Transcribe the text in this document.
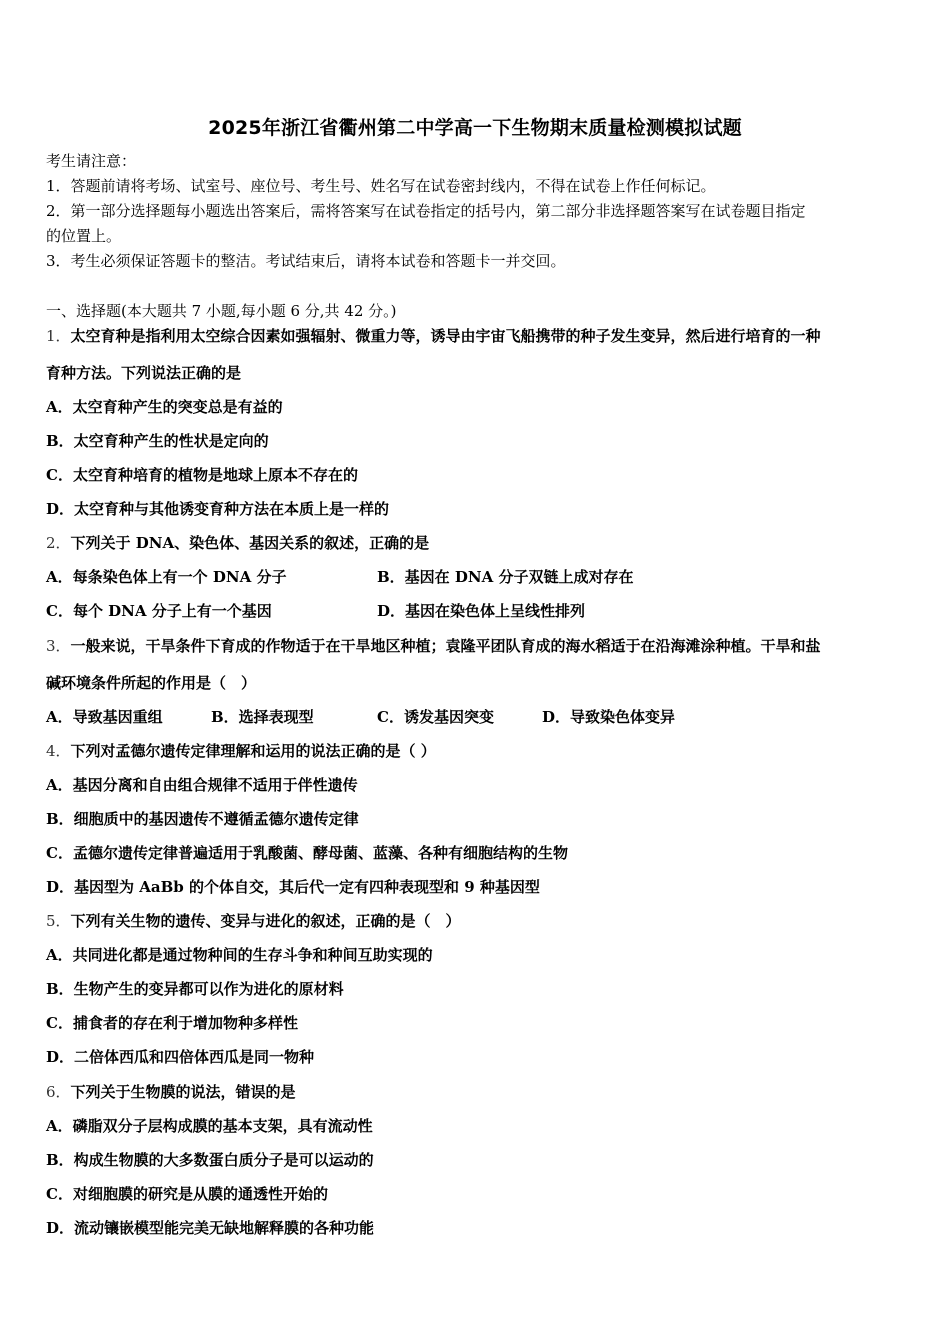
2025年浙江省衢州第二中学高一下生物期末质量检测模拟试题
考生请注意：
1．答题前请将考场、试室号、座位号、考生号、姓名写在试卷密封线内，不得在试卷上作任何标记。
2．第一部分选择题每小题选出答案后，需将答案写在试卷指定的括号内，第二部分非选择题答案写在试卷题目指定
的位置上。
3．考生必须保证答题卡的整洁。考试结束后，请将本试卷和答题卡一并交回。
一、选择题(本大题共 7 小题,每小题 6 分,共 42 分。)
1．太空育种是指利用太空综合因素如强辐射、微重力等，诱导由宇宙飞船携带的种子发生变异，然后进行培育的一种
育种方法。下列说法正确的是
A．太空育种产生的突变总是有益的
B．太空育种产生的性状是定向的
C．太空育种培育的植物是地球上原本不存在的
D．太空育种与其他诱变育种方法在本质上是一样的
2．下列关于 DNA、染色体、基因关系的叙述，正确的是
A．每条染色体上有一个 DNA 分子	B．基因在 DNA 分子双链上成对存在
C．每个 DNA 分子上有一个基因	D．基因在染色体上呈线性排列
3．一般来说，干旱条件下育成的作物适于在干旱地区种植；袁隆平团队育成的海水稻适于在沿海滩涂种植。干旱和盐
碱环境条件所起的作用是（　）
A．导致基因重组	B．选择表现型	C．诱发基因突变	D．导致染色体变异
4．下列对孟德尔遗传定律理解和运用的说法正确的是（ ）
A．基因分离和自由组合规律不适用于伴性遗传
B．细胞质中的基因遗传不遵循孟德尔遗传定律
C．孟德尔遗传定律普遍适用于乳酸菌、酵母菌、蓝藻、各种有细胞结构的生物
D．基因型为 AaBb 的个体自交，其后代一定有四种表现型和 9 种基因型
5．下列有关生物的遗传、变异与进化的叙述，正确的是（　）
A．共同进化都是通过物种间的生存斗争和种间互助实现的
B．生物产生的变异都可以作为进化的原材料
C．捕食者的存在利于增加物种多样性
D．二倍体西瓜和四倍体西瓜是同一物种
6．下列关于生物膜的说法，错误的是
A．磷脂双分子层构成膜的基本支架，具有流动性
B．构成生物膜的大多数蛋白质分子是可以运动的
C．对细胞膜的研究是从膜的通透性开始的
D．流动镶嵌模型能完美无缺地解释膜的各种功能
